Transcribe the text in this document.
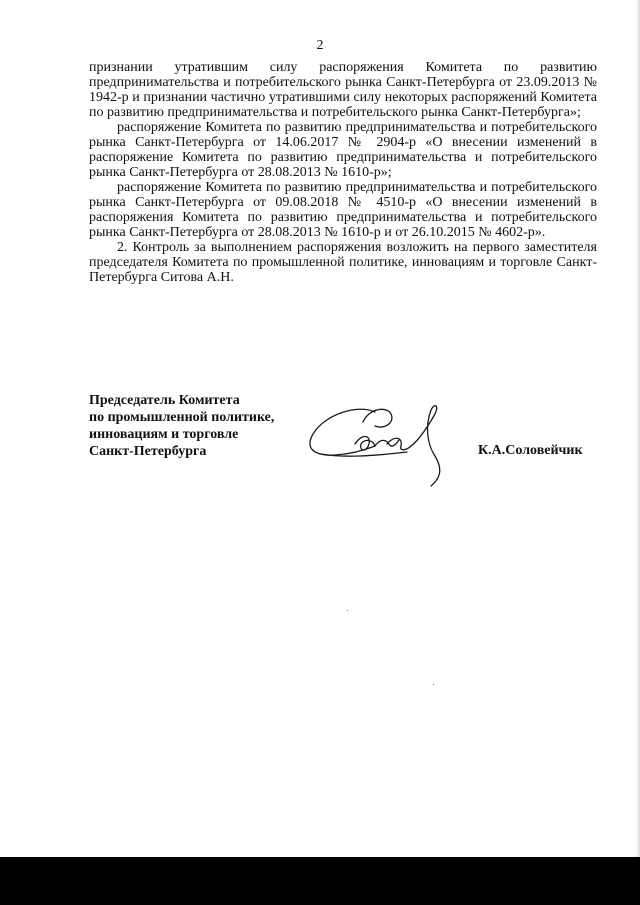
2

признании утратившим силу распоряжения Комитета по развитию предпринимательства и потребительского рынка Санкт-Петербурга от 23.09.2013 № 1942-р и признании частично утратившими силу некоторых распоряжений Комитета по развитию предпринимательства и потребительского рынка Санкт-Петербурга»;

распоряжение Комитета по развитию предпринимательства и потребительского рынка Санкт-Петербурга от 14.06.2017 № 2904-р «О внесении изменений в распоряжение Комитета по развитию предпринимательства и потребительского рынка Санкт-Петербурга от 28.08.2013 № 1610-р»;

распоряжение Комитета по развитию предпринимательства и потребительского рынка Санкт-Петербурга от 09.08.2018 № 4510-р «О внесении изменений в распоряжения Комитета по развитию предпринимательства и потребительского рынка Санкт-Петербурга от 28.08.2013 № 1610-р и от 26.10.2015 № 4602-р».

2. Контроль за выполнением распоряжения возложить на первого заместителя председателя Комитета по промышленной политике, инновациям и торговле Санкт-Петербурга Ситова А.Н.

Председатель Комитета
по промышленной политике,
инновациям и торговле
Санкт-Петербурга	К.А.Соловейчик
